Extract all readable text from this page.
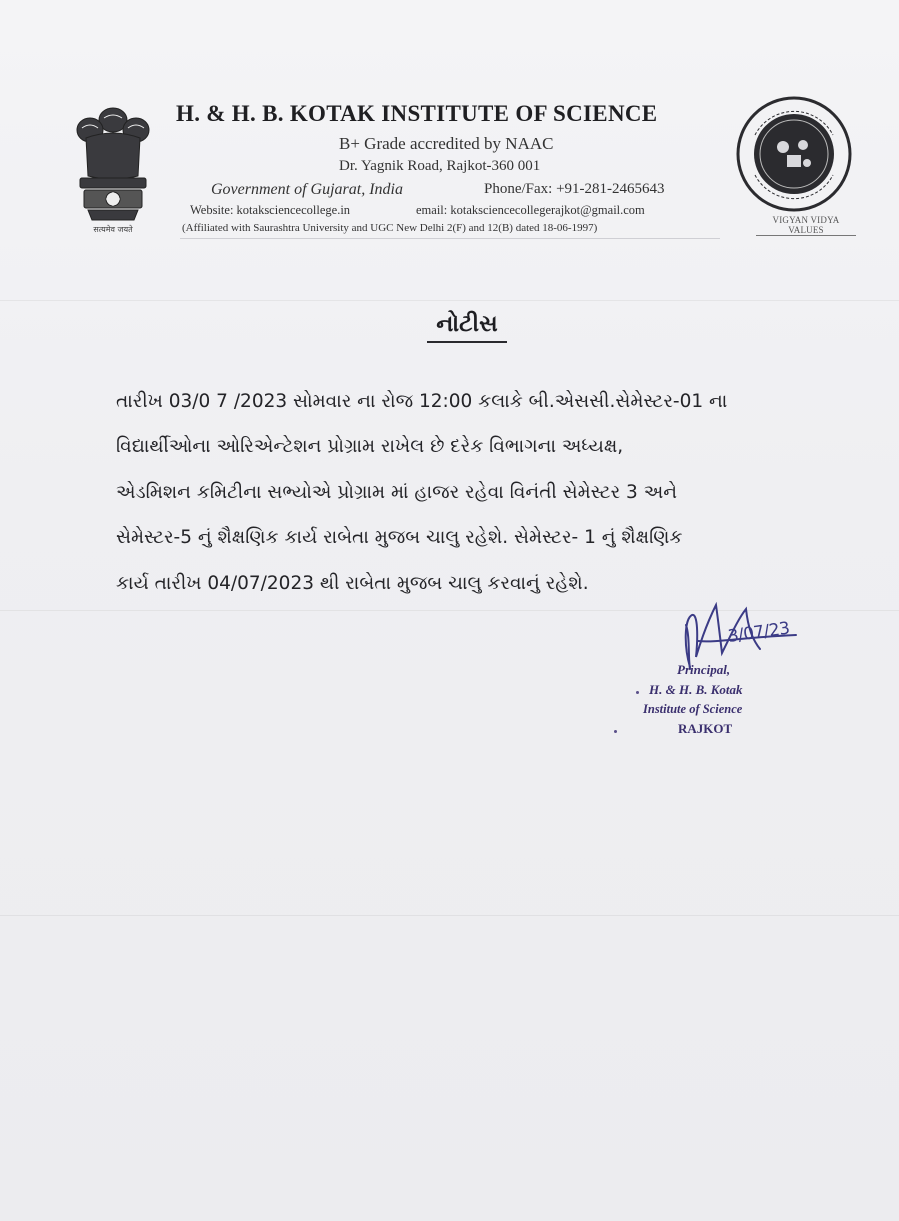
सत्यमेव जयते
H. & H. B. KOTAK INSTITUTE OF SCIENCE
B+ Grade accredited by NAAC
Dr. Yagnik Road, Rajkot-360 001
Government of Gujarat, India	Phone/Fax: +91-281-2465643
Website: kotaksciencecollege.in	email: kotaksciencecollegerajkot@gmail.com
(Affiliated with Saurashtra University and UGC New Delhi 2(F) and 12(B) dated 18-06-1997)
VIGYAN VIDYA VALUES
નોટીસ
તારીખ 03/0 7 /2023 સોમવાર ના રોજ 12:00 કલાકે બી.એસસી.સેમેસ્ટર-01 ના
વિદ્યાર્થીઓના ઓરિએન્ટેશન પ્રોગ્રામ રાખેલ છે દરેક વિભાગના અધ્યક્ષ,
એડમિશન કમિટીના સભ્યોએ પ્રોગ્રામ માં હાજર રહેવા વિનંતી સેમેસ્ટર 3 અને
સેમેસ્ટર-5 નું શૈક્ષણિક કાર્ય રાબેતા મુજબ ચાલુ રહેશે. સેમેસ્ટર- 1 નું શૈક્ષણિક
કાર્ય તારીખ 04/07/2023 થી રાબેતા મુજબ ચાલુ કરવાનું રહેશે.
3/07/23
Principal,
H. & H. B. Kotak
Institute of Science
RAJKOT
